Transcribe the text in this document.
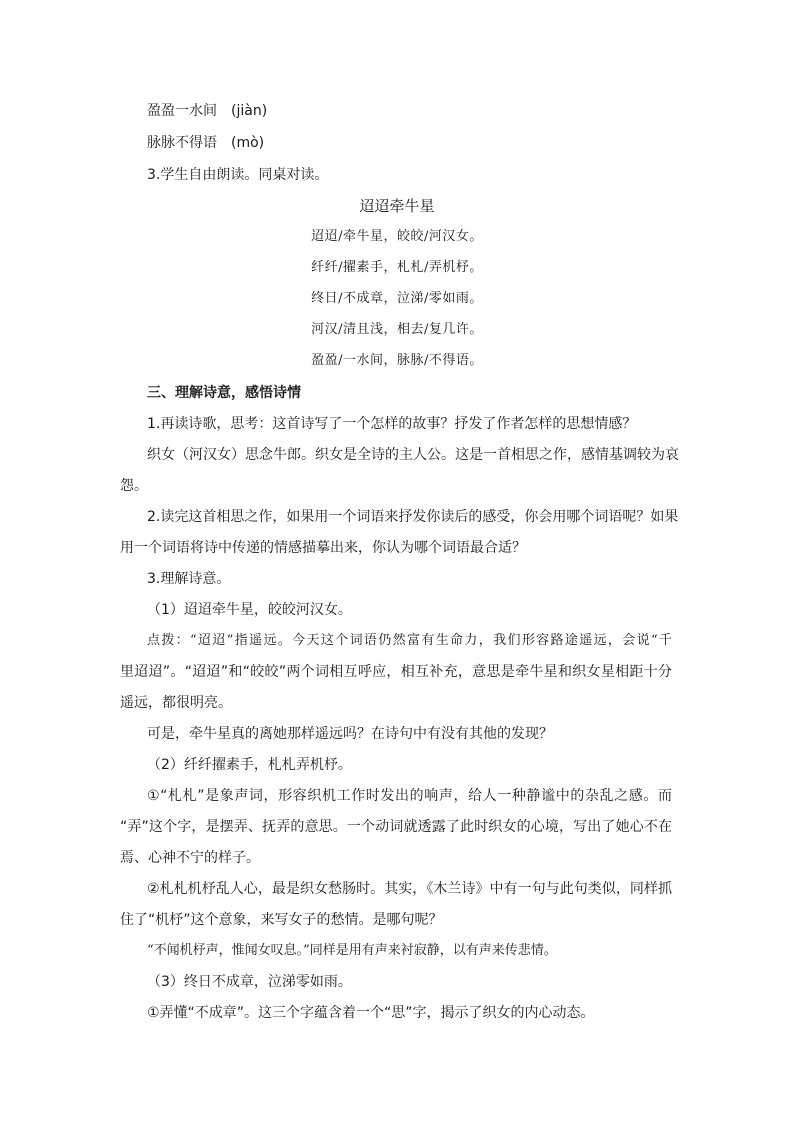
盈盈一水间　(jiàn)
脉脉不得语　(mò)
3.学生自由朗读。同桌对读。
迢迢牵牛星
迢迢/牵牛星，皎皎/河汉女。
纤纤/擢素手，札札/弄机杼。
终日/不成章，泣涕/零如雨。
河汉/清且浅，相去/复几许。
盈盈/一水间，脉脉/不得语。
三、理解诗意，感悟诗情
1.再读诗歌，思考：这首诗写了一个怎样的故事？抒发了作者怎样的思想情感？
织女（河汉女）思念牛郎。织女是全诗的主人公。这是一首相思之作，感情基调较为哀
怨。
2.读完这首相思之作，如果用一个词语来抒发你读后的感受，你会用哪个词语呢？如果
用一个词语将诗中传递的情感描摹出来，你认为哪个词语最合适？
3.理解诗意。
（1）迢迢牵牛星，皎皎河汉女。
点拨：“迢迢”指遥远。今天这个词语仍然富有生命力，我们形容路途遥远，会说“千
里迢迢”。“迢迢”和“皎皎”两个词相互呼应，相互补充，意思是牵牛星和织女星相距十分
遥远，都很明亮。
可是，牵牛星真的离她那样遥远吗？在诗句中有没有其他的发现？
（2）纤纤擢素手，札札弄机杼。
①“札札”是象声词，形容织机工作时发出的响声，给人一种静谧中的杂乱之感。而
“弄”这个字，是摆弄、抚弄的意思。一个动词就透露了此时织女的心境，写出了她心不在
焉、心神不宁的样子。
②札札机杼乱人心，最是织女愁肠时。其实，《木兰诗》中有一句与此句类似，同样抓
住了“机杼”这个意象，来写女子的愁情。是哪句呢？
“不闻机杼声，惟闻女叹息。”同样是用有声来衬寂静，以有声来传悲情。
（3）终日不成章，泣涕零如雨。
①弄懂“不成章”。这三个字蕴含着一个“思”字，揭示了织女的内心动态。
